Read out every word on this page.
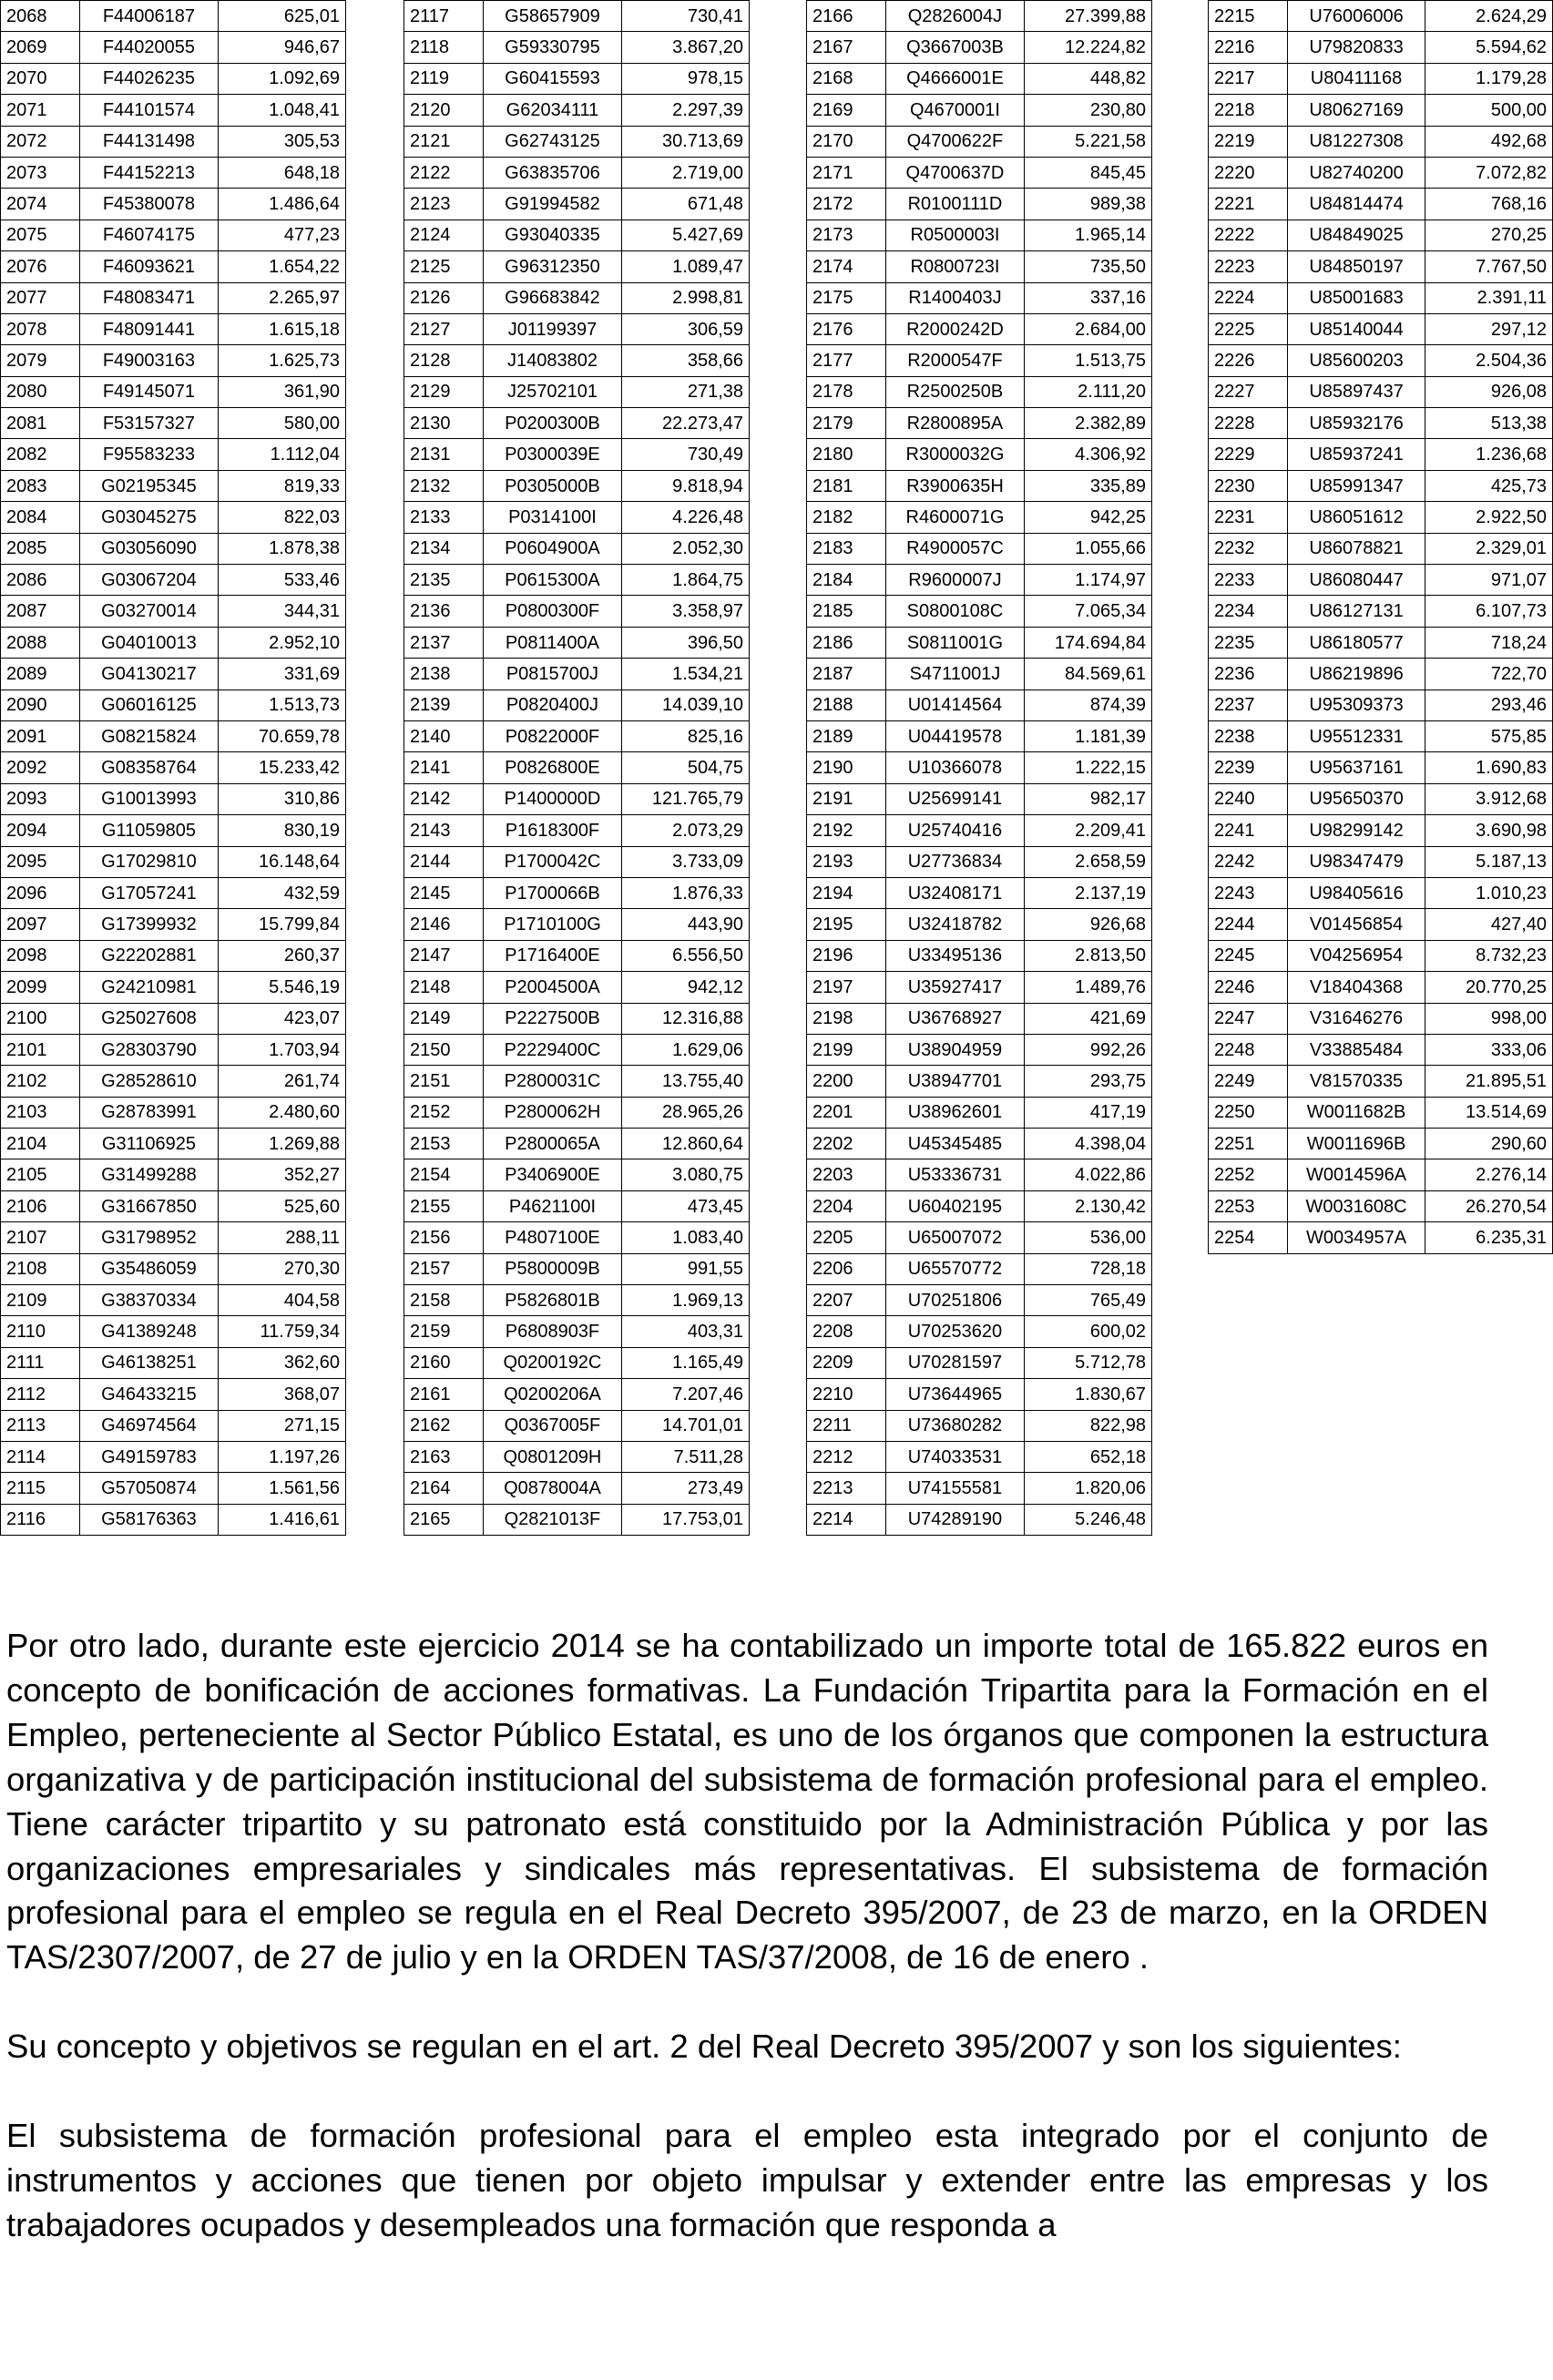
2068	F44006187	625,01
2069	F44020055	946,67
2070	F44026235	1.092,69
2071	F44101574	1.048,41
2072	F44131498	305,53
2073	F44152213	648,18
2074	F45380078	1.486,64
2075	F46074175	477,23
2076	F46093621	1.654,22
2077	F48083471	2.265,97
2078	F48091441	1.615,18
2079	F49003163	1.625,73
2080	F49145071	361,90
2081	F53157327	580,00
2082	F95583233	1.112,04
2083	G02195345	819,33
2084	G03045275	822,03
2085	G03056090	1.878,38
2086	G03067204	533,46
2087	G03270014	344,31
2088	G04010013	2.952,10
2089	G04130217	331,69
2090	G06016125	1.513,73
2091	G08215824	70.659,78
2092	G08358764	15.233,42
2093	G10013993	310,86
2094	G11059805	830,19
2095	G17029810	16.148,64
2096	G17057241	432,59
2097	G17399932	15.799,84
2098	G22202881	260,37
2099	G24210981	5.546,19
2100	G25027608	423,07
2101	G28303790	1.703,94
2102	G28528610	261,74
2103	G28783991	2.480,60
2104	G31106925	1.269,88
2105	G31499288	352,27
2106	G31667850	525,60
2107	G31798952	288,11
2108	G35486059	270,30
2109	G38370334	404,58
2110	G41389248	11.759,34
2111	G46138251	362,60
2112	G46433215	368,07
2113	G46974564	271,15
2114	G49159783	1.197,26
2115	G57050874	1.561,56
2116	G58176363	1.416,61
2117	G58657909	730,41
2118	G59330795	3.867,20
2119	G60415593	978,15
2120	G62034111	2.297,39
2121	G62743125	30.713,69
2122	G63835706	2.719,00
2123	G91994582	671,48
2124	G93040335	5.427,69
2125	G96312350	1.089,47
2126	G96683842	2.998,81
2127	J01199397	306,59
2128	J14083802	358,66
2129	J25702101	271,38
2130	P0200300B	22.273,47
2131	P0300039E	730,49
2132	P0305000B	9.818,94
2133	P0314100I	4.226,48
2134	P0604900A	2.052,30
2135	P0615300A	1.864,75
2136	P0800300F	3.358,97
2137	P0811400A	396,50
2138	P0815700J	1.534,21
2139	P0820400J	14.039,10
2140	P0822000F	825,16
2141	P0826800E	504,75
2142	P1400000D	121.765,79
2143	P1618300F	2.073,29
2144	P1700042C	3.733,09
2145	P1700066B	1.876,33
2146	P1710100G	443,90
2147	P1716400E	6.556,50
2148	P2004500A	942,12
2149	P2227500B	12.316,88
2150	P2229400C	1.629,06
2151	P2800031C	13.755,40
2152	P2800062H	28.965,26
2153	P2800065A	12.860,64
2154	P3406900E	3.080,75
2155	P4621100I	473,45
2156	P4807100E	1.083,40
2157	P5800009B	991,55
2158	P5826801B	1.969,13
2159	P6808903F	403,31
2160	Q0200192C	1.165,49
2161	Q0200206A	7.207,46
2162	Q0367005F	14.701,01
2163	Q0801209H	7.511,28
2164	Q0878004A	273,49
2165	Q2821013F	17.753,01
2166	Q2826004J	27.399,88
2167	Q3667003B	12.224,82
2168	Q4666001E	448,82
2169	Q4670001I	230,80
2170	Q4700622F	5.221,58
2171	Q4700637D	845,45
2172	R0100111D	989,38
2173	R0500003I	1.965,14
2174	R0800723I	735,50
2175	R1400403J	337,16
2176	R2000242D	2.684,00
2177	R2000547F	1.513,75
2178	R2500250B	2.111,20
2179	R2800895A	2.382,89
2180	R3000032G	4.306,92
2181	R3900635H	335,89
2182	R4600071G	942,25
2183	R4900057C	1.055,66
2184	R9600007J	1.174,97
2185	S0800108C	7.065,34
2186	S0811001G	174.694,84
2187	S4711001J	84.569,61
2188	U01414564	874,39
2189	U04419578	1.181,39
2190	U10366078	1.222,15
2191	U25699141	982,17
2192	U25740416	2.209,41
2193	U27736834	2.658,59
2194	U32408171	2.137,19
2195	U32418782	926,68
2196	U33495136	2.813,50
2197	U35927417	1.489,76
2198	U36768927	421,69
2199	U38904959	992,26
2200	U38947701	293,75
2201	U38962601	417,19
2202	U45345485	4.398,04
2203	U53336731	4.022,86
2204	U60402195	2.130,42
2205	U65007072	536,00
2206	U65570772	728,18
2207	U70251806	765,49
2208	U70253620	600,02
2209	U70281597	5.712,78
2210	U73644965	1.830,67
2211	U73680282	822,98
2212	U74033531	652,18
2213	U74155581	1.820,06
2214	U74289190	5.246,48
2215	U76006006	2.624,29
2216	U79820833	5.594,62
2217	U80411168	1.179,28
2218	U80627169	500,00
2219	U81227308	492,68
2220	U82740200	7.072,82
2221	U84814474	768,16
2222	U84849025	270,25
2223	U84850197	7.767,50
2224	U85001683	2.391,11
2225	U85140044	297,12
2226	U85600203	2.504,36
2227	U85897437	926,08
2228	U85932176	513,38
2229	U85937241	1.236,68
2230	U85991347	425,73
2231	U86051612	2.922,50
2232	U86078821	2.329,01
2233	U86080447	971,07
2234	U86127131	6.107,73
2235	U86180577	718,24
2236	U86219896	722,70
2237	U95309373	293,46
2238	U95512331	575,85
2239	U95637161	1.690,83
2240	U95650370	3.912,68
2241	U98299142	3.690,98
2242	U98347479	5.187,13
2243	U98405616	1.010,23
2244	V01456854	427,40
2245	V04256954	8.732,23
2246	V18404368	20.770,25
2247	V31646276	998,00
2248	V33885484	333,06
2249	V81570335	21.895,51
2250	W0011682B	13.514,69
2251	W0011696B	290,60
2252	W0014596A	2.276,14
2253	W0031608C	26.270,54
2254	W0034957A	6.235,31

Por otro lado, durante este ejercicio 2014 se ha contabilizado un importe total de 165.822 euros en concepto de bonificación de acciones formativas. La Fundación Tripartita para la Formación en el Empleo, perteneciente al Sector Público Estatal, es uno de los órganos que componen la estructura organizativa y de participación institucional del subsistema de formación profesional para el empleo. Tiene carácter tripartito y su patronato está constituido por la Administración Pública y por las organizaciones empresariales y sindicales más representativas. El subsistema de formación profesional para el empleo se regula en el Real Decreto 395/2007, de 23 de marzo, en la ORDEN TAS/2307/2007, de 27 de julio y en la ORDEN TAS/37/2008, de 16 de enero .

Su concepto y objetivos se regulan en el art. 2 del Real Decreto 395/2007 y son los siguientes:

El subsistema de formación profesional para el empleo esta integrado por el conjunto de instrumentos y acciones que tienen por objeto impulsar y extender entre las empresas y los trabajadores ocupados y desempleados una formación que responda a
